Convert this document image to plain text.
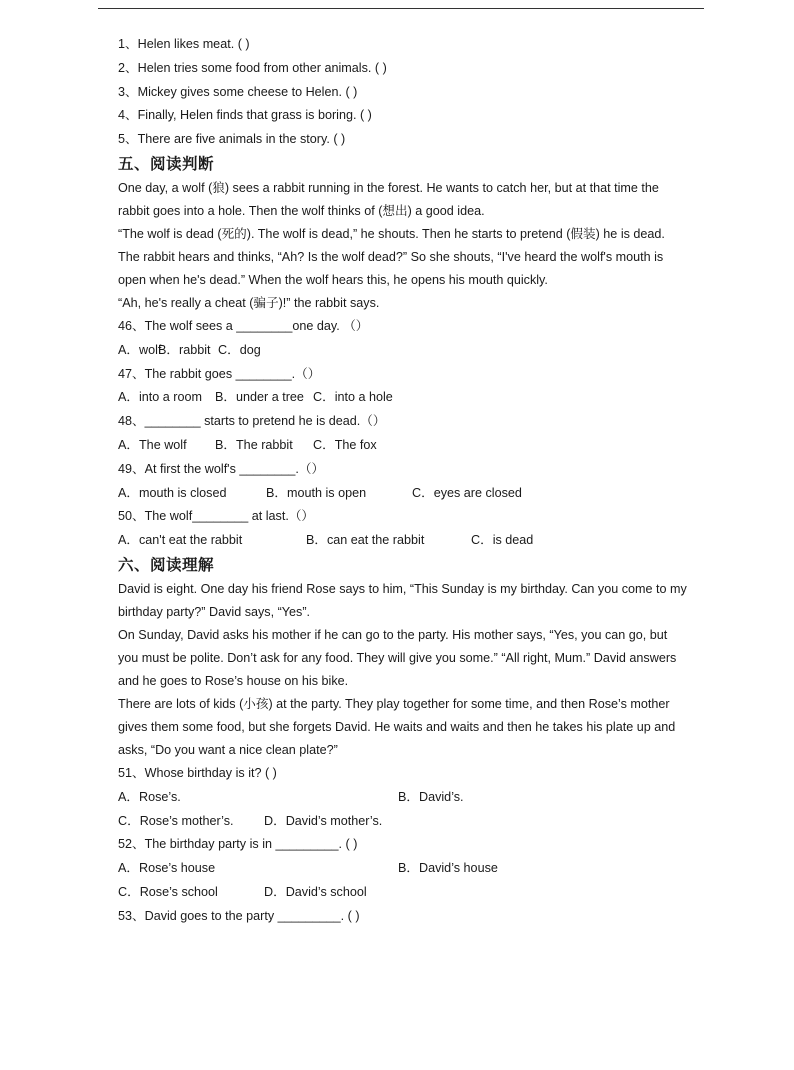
1、Helen likes meat. ( )
2、Helen tries some food from other animals. ( )
3、Mickey gives some cheese to Helen. ( )
4、Finally, Helen finds that grass is boring. ( )
5、There are five animals in the story. ( )
五、阅读判断
One day, a wolf (狼) sees a rabbit running in the forest. He wants to catch her, but at that time the rabbit goes into a hole. Then the wolf thinks of (想出) a good idea.
“The wolf is dead (死的). The wolf is dead,” he shouts. Then he starts to pretend (假装) he is dead.
The rabbit hears and thinks, “Ah? Is the wolf dead?” So she shouts, “I've heard the wolf's mouth is open when he's dead.” When the wolf hears this, he opens his mouth quickly.
“Ah, he's really a cheat (骗子)!” the rabbit says.
46、The wolf sees a ________one day. （）
A．wolf
B．rabbit C．dog
47、The rabbit goes ________.（）
A．into a room	B．under a tree C．into a hole
48、________ starts to pretend he is dead.（）
A．The wolf	B．The rabbit	C．The fox
49、At first the wolf's ________.（）
A．mouth is closed	B．mouth is open	C．eyes are closed
50、The wolf________ at last.（）
A．can't eat the rabbit	B．can eat the rabbit	C．is dead
六、阅读理解
David is eight. One day his friend Rose says to him, “This Sunday is my birthday. Can you come to my birthday party?” David says, “Yes”.
On Sunday, David asks his mother if he can go to the party. His mother says, “Yes, you can go, but you must be polite. Don’t ask for any food. They will give you some.” “All right, Mum.” David answers and he goes to Rose’s house on his bike.
There are lots of kids (小孩) at the party. They play together for some time, and then Rose’s mother gives them some food, but she forgets David. He waits and waits and then he takes his plate up and asks, “Do you want a nice clean plate?”
51、Whose birthday is it? ( )
A．Rose’s.	B．David’s.
C．Rose’s mother’s.	D．David’s mother’s.
52、The birthday party is in _________. ( )
A．Rose’s house	B．David’s house
C．Rose’s school	D．David’s school
53、David goes to the party _________. ( )
